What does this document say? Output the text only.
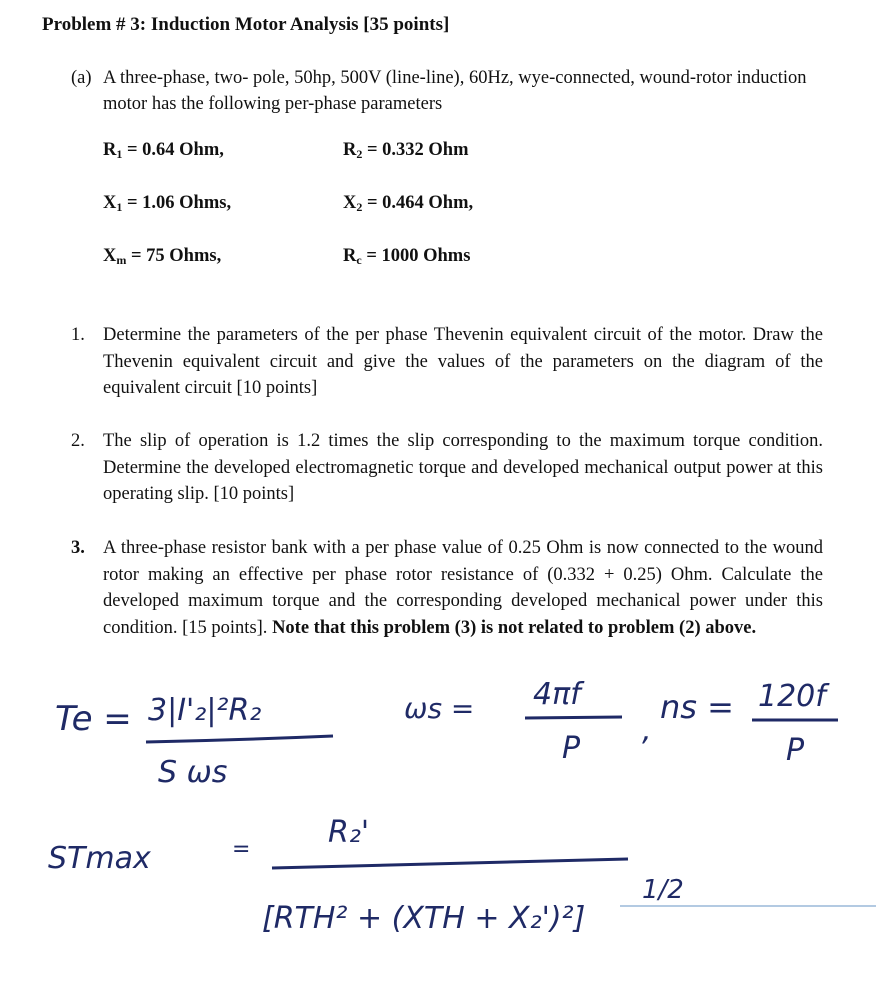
Problem # 3: Induction Motor Analysis [35 points]
(a) A three-phase, two- pole, 50hp, 500V (line-line), 60Hz, wye-connected, wound-rotor induction motor has the following per-phase parameters
$R_1 = 0.64$ Ohm,	$R_2 = 0.332$ Ohm
$X_1 = 1.06$ Ohms,	$X_2 = 0.464$ Ohm,
$X_m = 75$ Ohms,	$R_c = 1000$ Ohms
1. Determine the parameters of the per phase Thevenin equivalent circuit of the motor. Draw the Thevenin equivalent circuit and give the values of the parameters on the diagram of the equivalent circuit [10 points]
2. The slip of operation is 1.2 times the slip corresponding to the maximum torque condition. Determine the developed electromagnetic torque and developed mechanical output power at this operating slip. [10 points]
3. A three-phase resistor bank with a per phase value of 0.25 Ohm is now connected to the wound rotor making an effective per phase rotor resistance of (0.332 + 0.25) Ohm. Calculate the developed maximum torque and the corresponding developed mechanical power under this condition. [15 points]. Note that this problem (3) is not related to problem (2) above.
Te = 3|I'₂|²R₂
S ωs
ωs = 4πf
P
,
ns = 120f
P
STmax	=	R₂'
[RTH² + (XTH + X₂')²]
1/2
